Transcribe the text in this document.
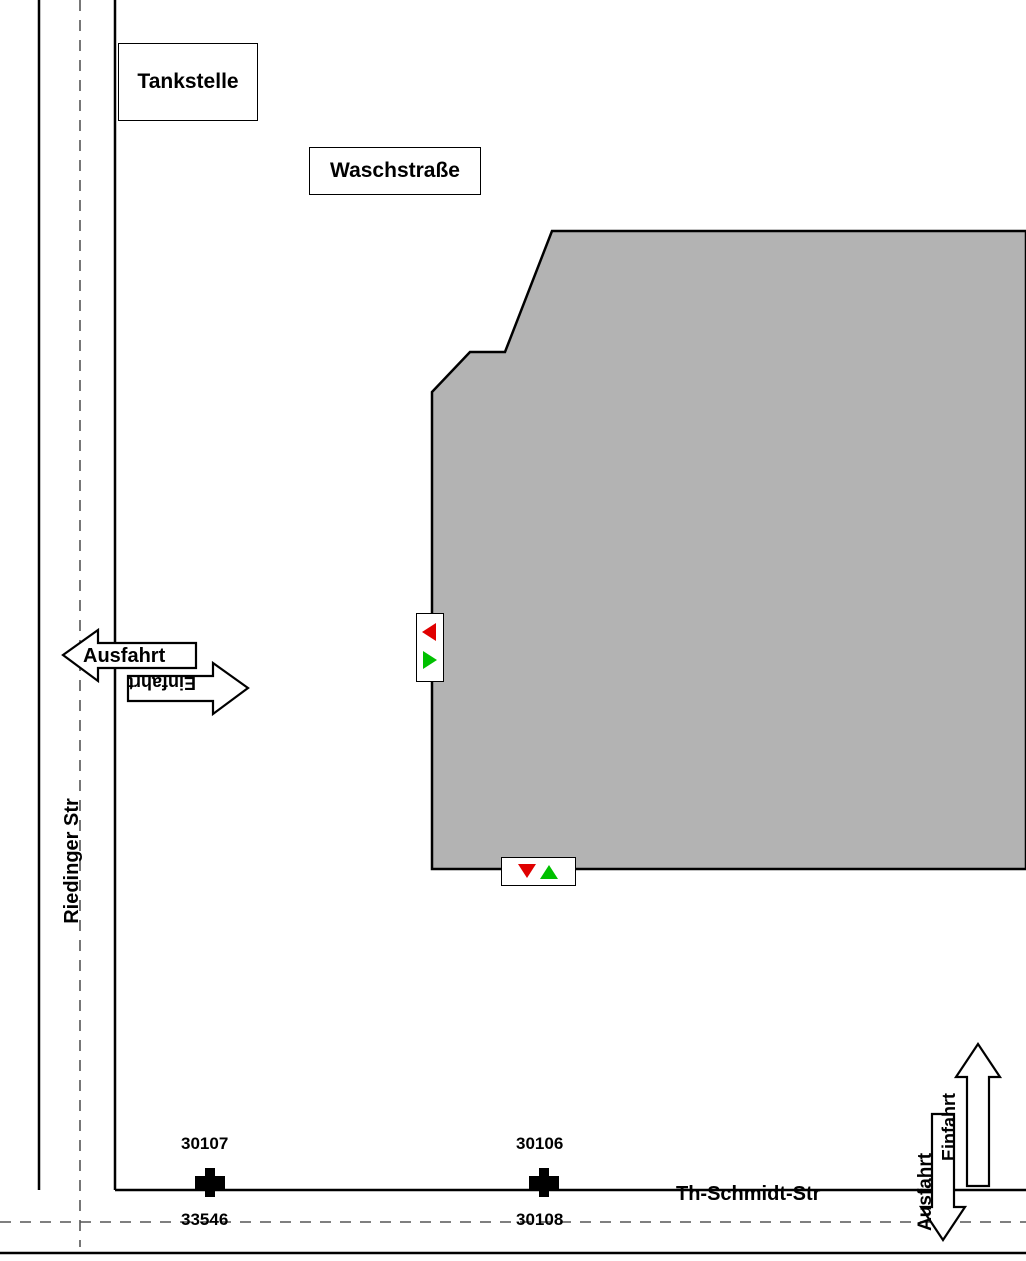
Tankstelle
Waschstraße
Riedinger Str
Th-Schmidt-Str
30107	30106
33546	30108
Ausfahrt
Einfahrt
Einfahrt
Ausfahrt
